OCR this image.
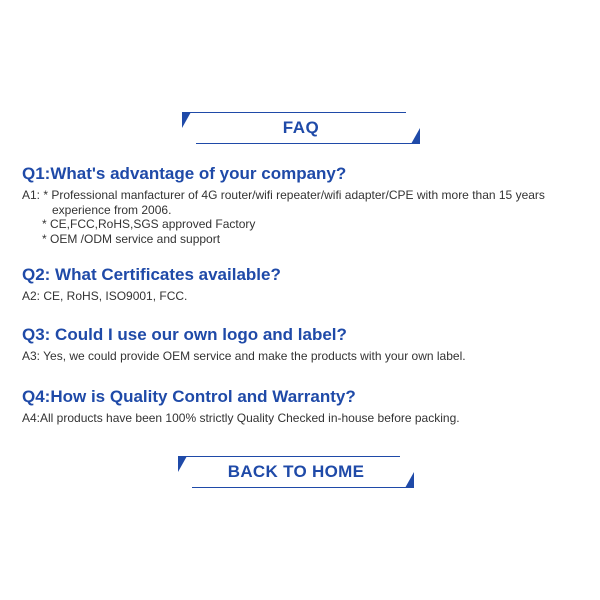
FAQ
Q1:What's advantage of your company?
A1: * Professional manfacturer of 4G router/wifi repeater/wifi adapter/CPE with more than 15 years
experience from 2006.
* CE,FCC,RoHS,SGS approved Factory
* OEM /ODM service and support
Q2: What Certificates available?
A2: CE, RoHS, ISO9001, FCC.
Q3: Could I use our own logo and label?
A3: Yes, we could provide OEM service and make the products with your own label.
Q4:How is Quality Control and Warranty?
A4:All products have been 100% strictly Quality Checked in-house before packing.
BACK TO HOME
